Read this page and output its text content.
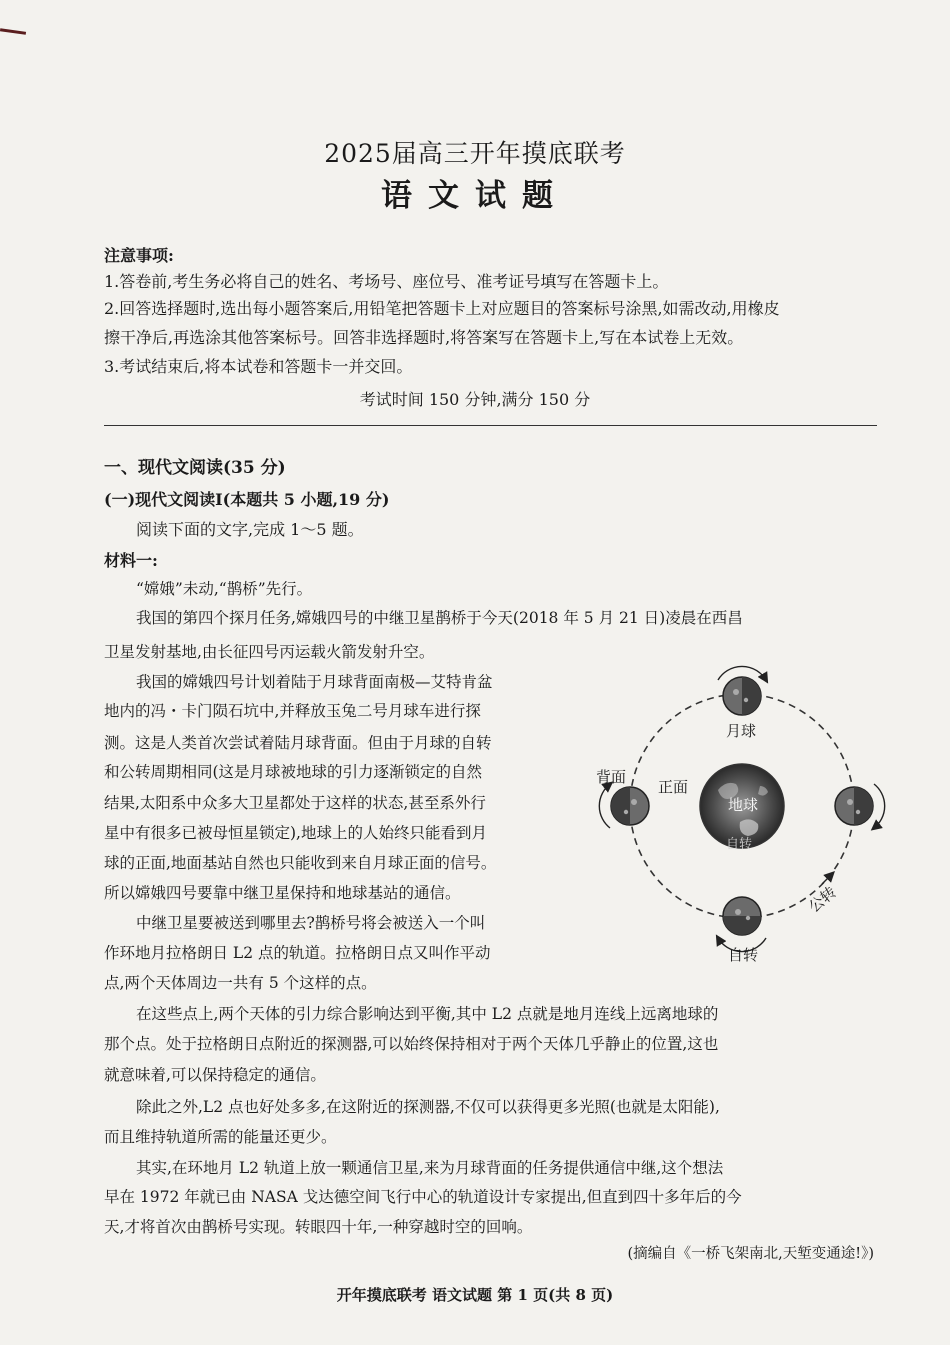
2025届高三开年摸底联考
语文试题
注意事项:
1.答卷前,考生务必将自己的姓名、考场号、座位号、准考证号填写在答题卡上。
2.回答选择题时,选出每小题答案后,用铅笔把答题卡上对应题目的答案标号涂黑,如需改动,用橡皮
擦干净后,再选涂其他答案标号。回答非选择题时,将答案写在答题卡上,写在本试卷上无效。
3.考试结束后,将本试卷和答题卡一并交回。
考试时间 150 分钟,满分 150 分
一、现代文阅读(35 分)
(一)现代文阅读Ⅰ(本题共 5 小题,19 分)
阅读下面的文字,完成 1～5 题。
材料一:
“嫦娥”未动,“鹊桥”先行。
我国的第四个探月任务,嫦娥四号的中继卫星鹊桥于今天(2018 年 5 月 21 日)凌晨在西昌
卫星发射基地,由长征四号丙运载火箭发射升空。
我国的嫦娥四号计划着陆于月球背面南极—艾特肯盆
地内的冯・卡门陨石坑中,并释放玉兔二号月球车进行探
测。这是人类首次尝试着陆月球背面。但由于月球的自转
和公转周期相同(这是月球被地球的引力逐渐锁定的自然
结果,太阳系中众多大卫星都处于这样的状态,甚至系外行
星中有很多已被母恒星锁定),地球上的人始终只能看到月
球的正面,地面基站自然也只能收到来自月球正面的信号。
所以嫦娥四号要靠中继卫星保持和地球基站的通信。
中继卫星要被送到哪里去?鹊桥号将会被送入一个叫
作环地月拉格朗日 L2 点的轨道。拉格朗日点又叫作平动
点,两个天体周边一共有 5 个这样的点。
在这些点上,两个天体的引力综合影响达到平衡,其中 L2 点就是地月连线上远离地球的
那个点。处于拉格朗日点附近的探测器,可以始终保持相对于两个天体几乎静止的位置,这也
就意味着,可以保持稳定的通信。
除此之外,L2 点也好处多多,在这附近的探测器,不仅可以获得更多光照(也就是太阳能),
而且维持轨道所需的能量还更少。
其实,在环地月 L2 轨道上放一颗通信卫星,来为月球背面的任务提供通信中继,这个想法
早在 1972 年就已由 NASA 戈达德空间飞行中心的轨道设计专家提出,但直到四十多年后的今
天,才将首次由鹊桥号实现。转眼四十年,一种穿越时空的回响。
(摘编自《一桥飞架南北,天堑变通途!》)
月球
背面
正面
地球
自转
公转
自转
开年摸底联考 语文试题 第 1 页(共 8 页)
